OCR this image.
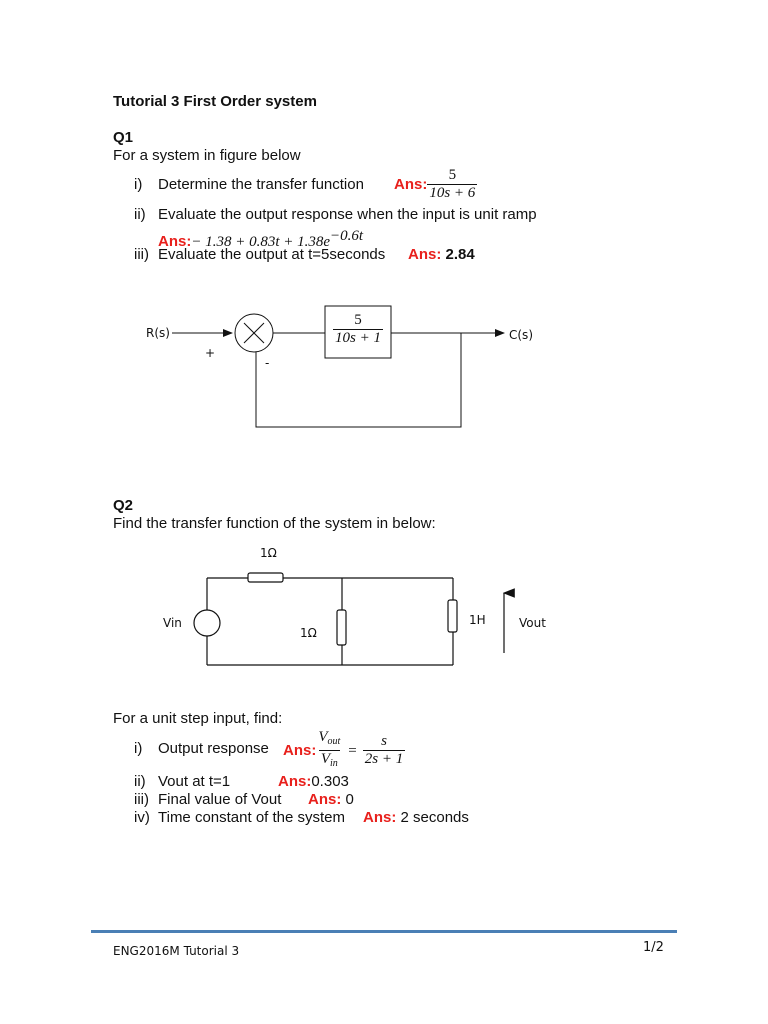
Tutorial 3 First Order system
Q1
For a system in figure below
i) Determine the transfer function Ans: $\frac{5}{10s + 6}$
ii) Evaluate the output response when the input is unit ramp
Ans:− $1.38 + 0.83t + 1.38e^{-0.6t}$
iii) Evaluate the output at t=5seconds Ans: 2.84
R(s)	C(s)
+
-
$\frac{5}{10s + 1}$
Q2
Find the transfer function of the system in below:
1Ω
1Ω
1H
Vin	Vout
For a unit step input, find:
i) Output response Ans: $\frac{V_{out}}{V_{in}} = \frac{s}{2s + 1}$
ii) Vout at t=1	Ans:0.303
iii) Final value of Vout Ans: 0
iv) Time constant of the system Ans: 2 seconds
ENG2016M Tutorial 3	1/2
